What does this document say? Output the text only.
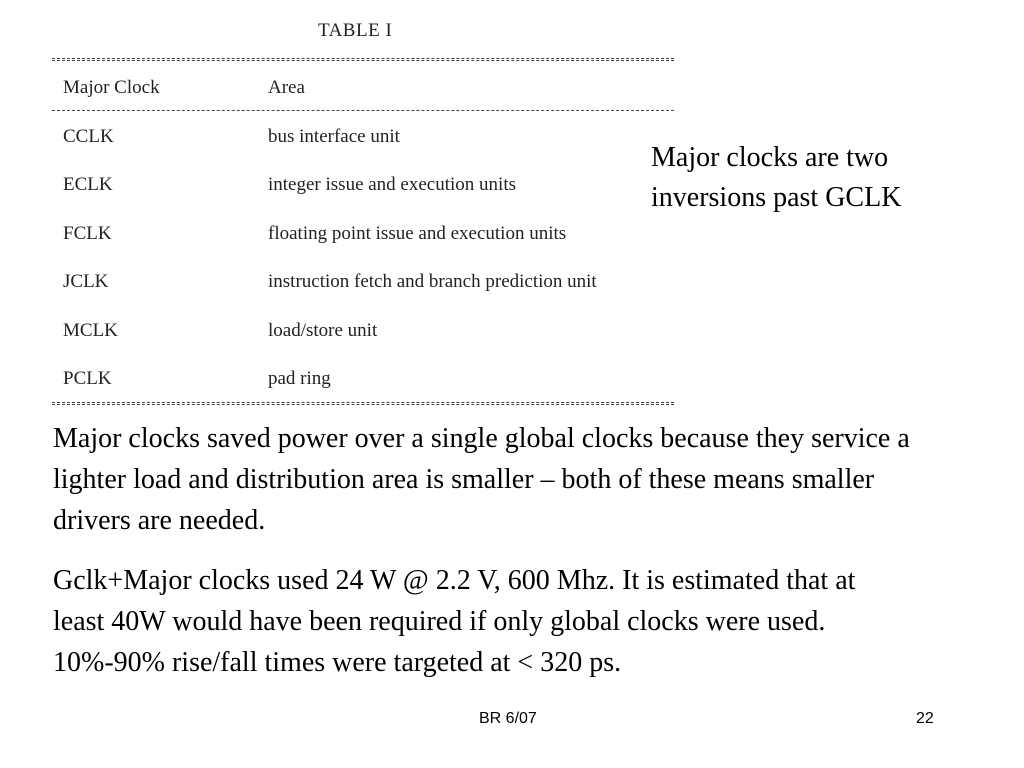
TABLE I
Major Clock	Area
CCLK	bus interface unit
ECLK	integer issue and execution units
FCLK	floating point issue and execution units
JCLK	instruction fetch and branch prediction unit
MCLK	load/store unit
PCLK	pad ring
Major clocks are two
inversions past GCLK
Major clocks saved power over a single global clocks because they service a lighter load and distribution area is smaller – both of these means smaller drivers are needed.
Gclk+Major clocks used 24 W @ 2.2 V, 600 Mhz. It is estimated that at least 40W would have been required if only global clocks were used. 10%-90% rise/fall times were targeted at < 320 ps.
BR 6/07	22
